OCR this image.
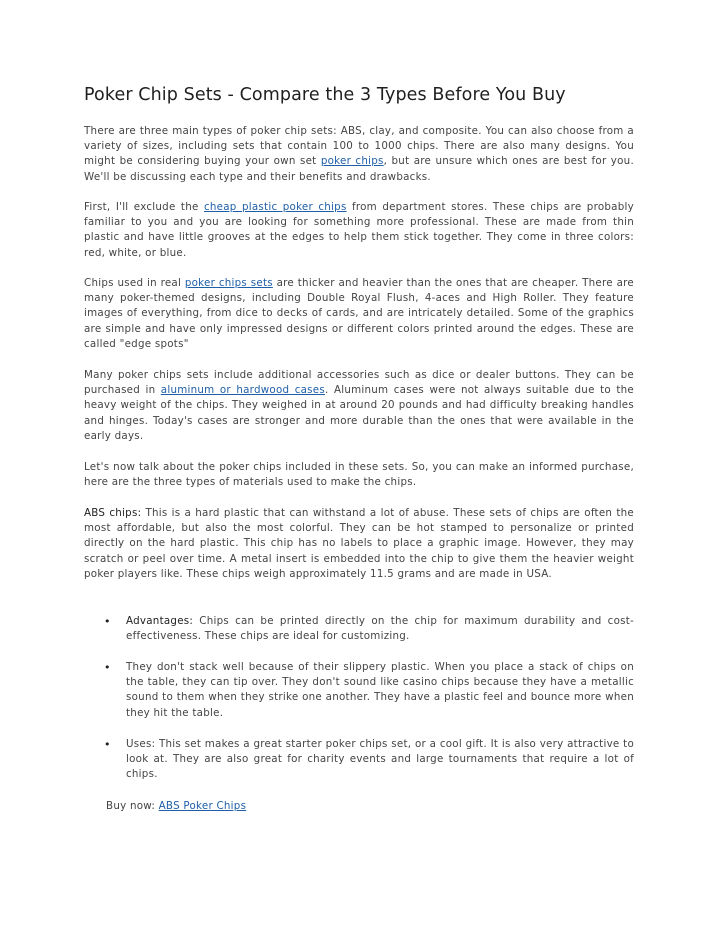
Poker Chip Sets - Compare the 3 Types Before You Buy

There are three main types of poker chip sets: ABS, clay, and composite. You can also choose from a variety of sizes, including sets that contain 100 to 1000 chips. There are also many designs. You might be considering buying your own set poker chips, but are unsure which ones are best for you. We'll be discussing each type and their benefits and drawbacks.

First, I'll exclude the cheap plastic poker chips from department stores. These chips are probably familiar to you and you are looking for something more professional. These are made from thin plastic and have little grooves at the edges to help them stick together. They come in three colors: red, white, or blue.

Chips used in real poker chips sets are thicker and heavier than the ones that are cheaper. There are many poker-themed designs, including Double Royal Flush, 4-aces and High Roller. They feature images of everything, from dice to decks of cards, and are intricately detailed. Some of the graphics are simple and have only impressed designs or different colors printed around the edges. These are called "edge spots"

Many poker chips sets include additional accessories such as dice or dealer buttons. They can be purchased in aluminum or hardwood cases. Aluminum cases were not always suitable due to the heavy weight of the chips. They weighed in at around 20 pounds and had difficulty breaking handles and hinges. Today's cases are stronger and more durable than the ones that were available in the early days.

Let's now talk about the poker chips included in these sets. So, you can make an informed purchase, here are the three types of materials used to make the chips.

ABS chips: This is a hard plastic that can withstand a lot of abuse. These sets of chips are often the most affordable, but also the most colorful. They can be hot stamped to personalize or printed directly on the hard plastic. This chip has no labels to place a graphic image. However, they may scratch or peel over time. A metal insert is embedded into the chip to give them the heavier weight poker players like. These chips weigh approximately 11.5 grams and are made in USA.

•	Advantages: Chips can be printed directly on the chip for maximum durability and cost-effectiveness. These chips are ideal for customizing.
•	They don't stack well because of their slippery plastic. When you place a stack of chips on the table, they can tip over. They don't sound like casino chips because they have a metallic sound to them when they strike one another. They have a plastic feel and bounce more when they hit the table.
•	Uses: This set makes a great starter poker chips set, or a cool gift. It is also very attractive to look at. They are also great for charity events and large tournaments that require a lot of chips.

Buy now: ABS Poker Chips
